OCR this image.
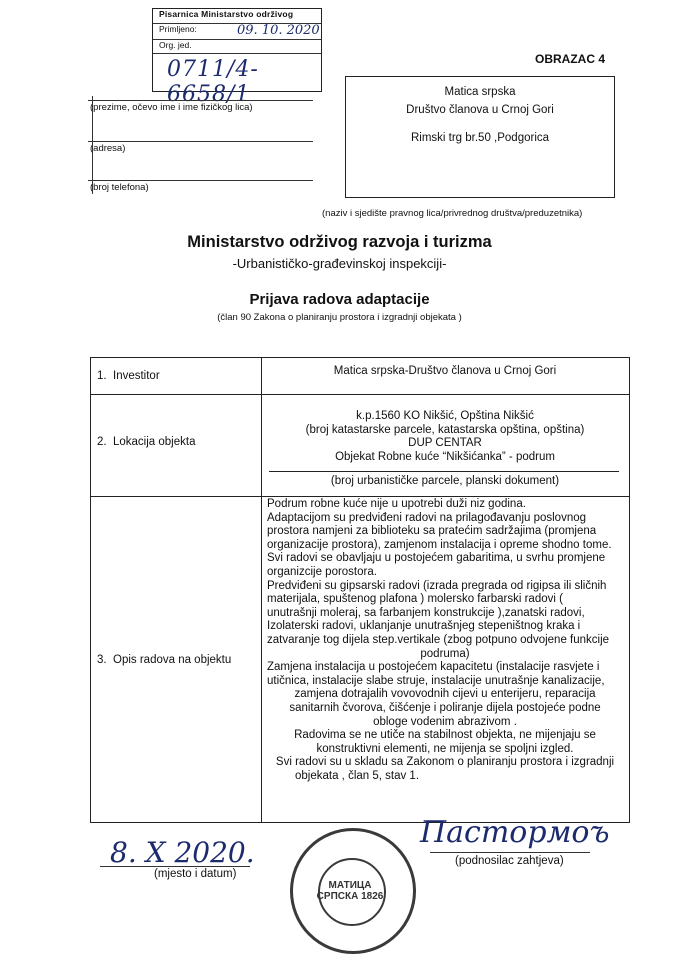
Pisarnica Ministarstvo održivog
Primljeno:
Org. jed.
09. 10. 2020
0711/4-6658/1
OBRAZAC 4
(prezime, očevo ime i ime fizičkog lica)
(adresa)
(broj telefona)
Matica srpska
Društvo članova u Crnoj Gori
Rimski trg br.50 ,Podgorica
(naziv i sjedište pravnog lica/privrednog društva/preduzetnika)
Ministarstvo održivog razvoja i turizma
-Urbanističko-građevinskoj inspekciji-
Prijava radova adaptacije
(član 90 Zakona o planiranju prostora i izgradnji objekata )
1. Investitor	Matica srpska-Društvo članova u Crnoj Gori
2. Lokacija objekta
k.p.1560 KO Nikšić, Opština Nikšić
(broj katastarske parcele, katastarska opština, opština)
DUP CENTAR
Objekat Robne kuće “Nikšićanka” - podrum
(broj urbanističke parcele, planski dokument)
3. Opis radova na objektu
Podrum robne kuće nije u upotrebi duži niz godina.
Adaptacijom su predviđeni radovi na prilagođavanju poslovnog
prostora namjeni za biblioteku sa pratećim sadržajima (promjena
organizacije prostora), zamjenom instalacija i opreme shodno tome.
Svi radovi se obavljaju u postojećem gabaritima, u svrhu promjene
organizcije porostora.
Predviđeni su gipsarski radovi (izrada pregrada od rigipsa ili sličnih
materijala, spuštenog plafona ) molersko farbarski radovi (
unutrašnji moleraj, sa farbanjem konstrukcije ),zanatski radovi,
Izolaterski radovi, uklanjanje unutrašnjeg stepeništnog kraka i
zatvaranje tog dijela step.vertikale (zbog potpuno odvojene funkcije
podruma)
Zamjena instalacija u postojećem kapacitetu (instalacije rasvjete i
utičnica, instalacije slabe struje, instalacije unutrašnje kanalizacije,
zamjena dotrajalih vovovodnih cijevi u enterijeru, reparacija
sanitarnih čvorova, čišćenje i poliranje dijela postojeće podne
obloge vodenim abrazivom .
Radovima se ne utiče na stabilnost objekta, ne mijenjaju se
konstruktivni elementi, ne mijenja se spoljni izgled.
Svi radovi su u skladu sa Zakonom o planiranju prostora i izgradnji
objekata , član 5, stav 1.
8. X 2020.
(mjesto i datum)
МАТИЦА СРПСКА 1826
Пастормоъ
(podnosilac zahtjeva)
